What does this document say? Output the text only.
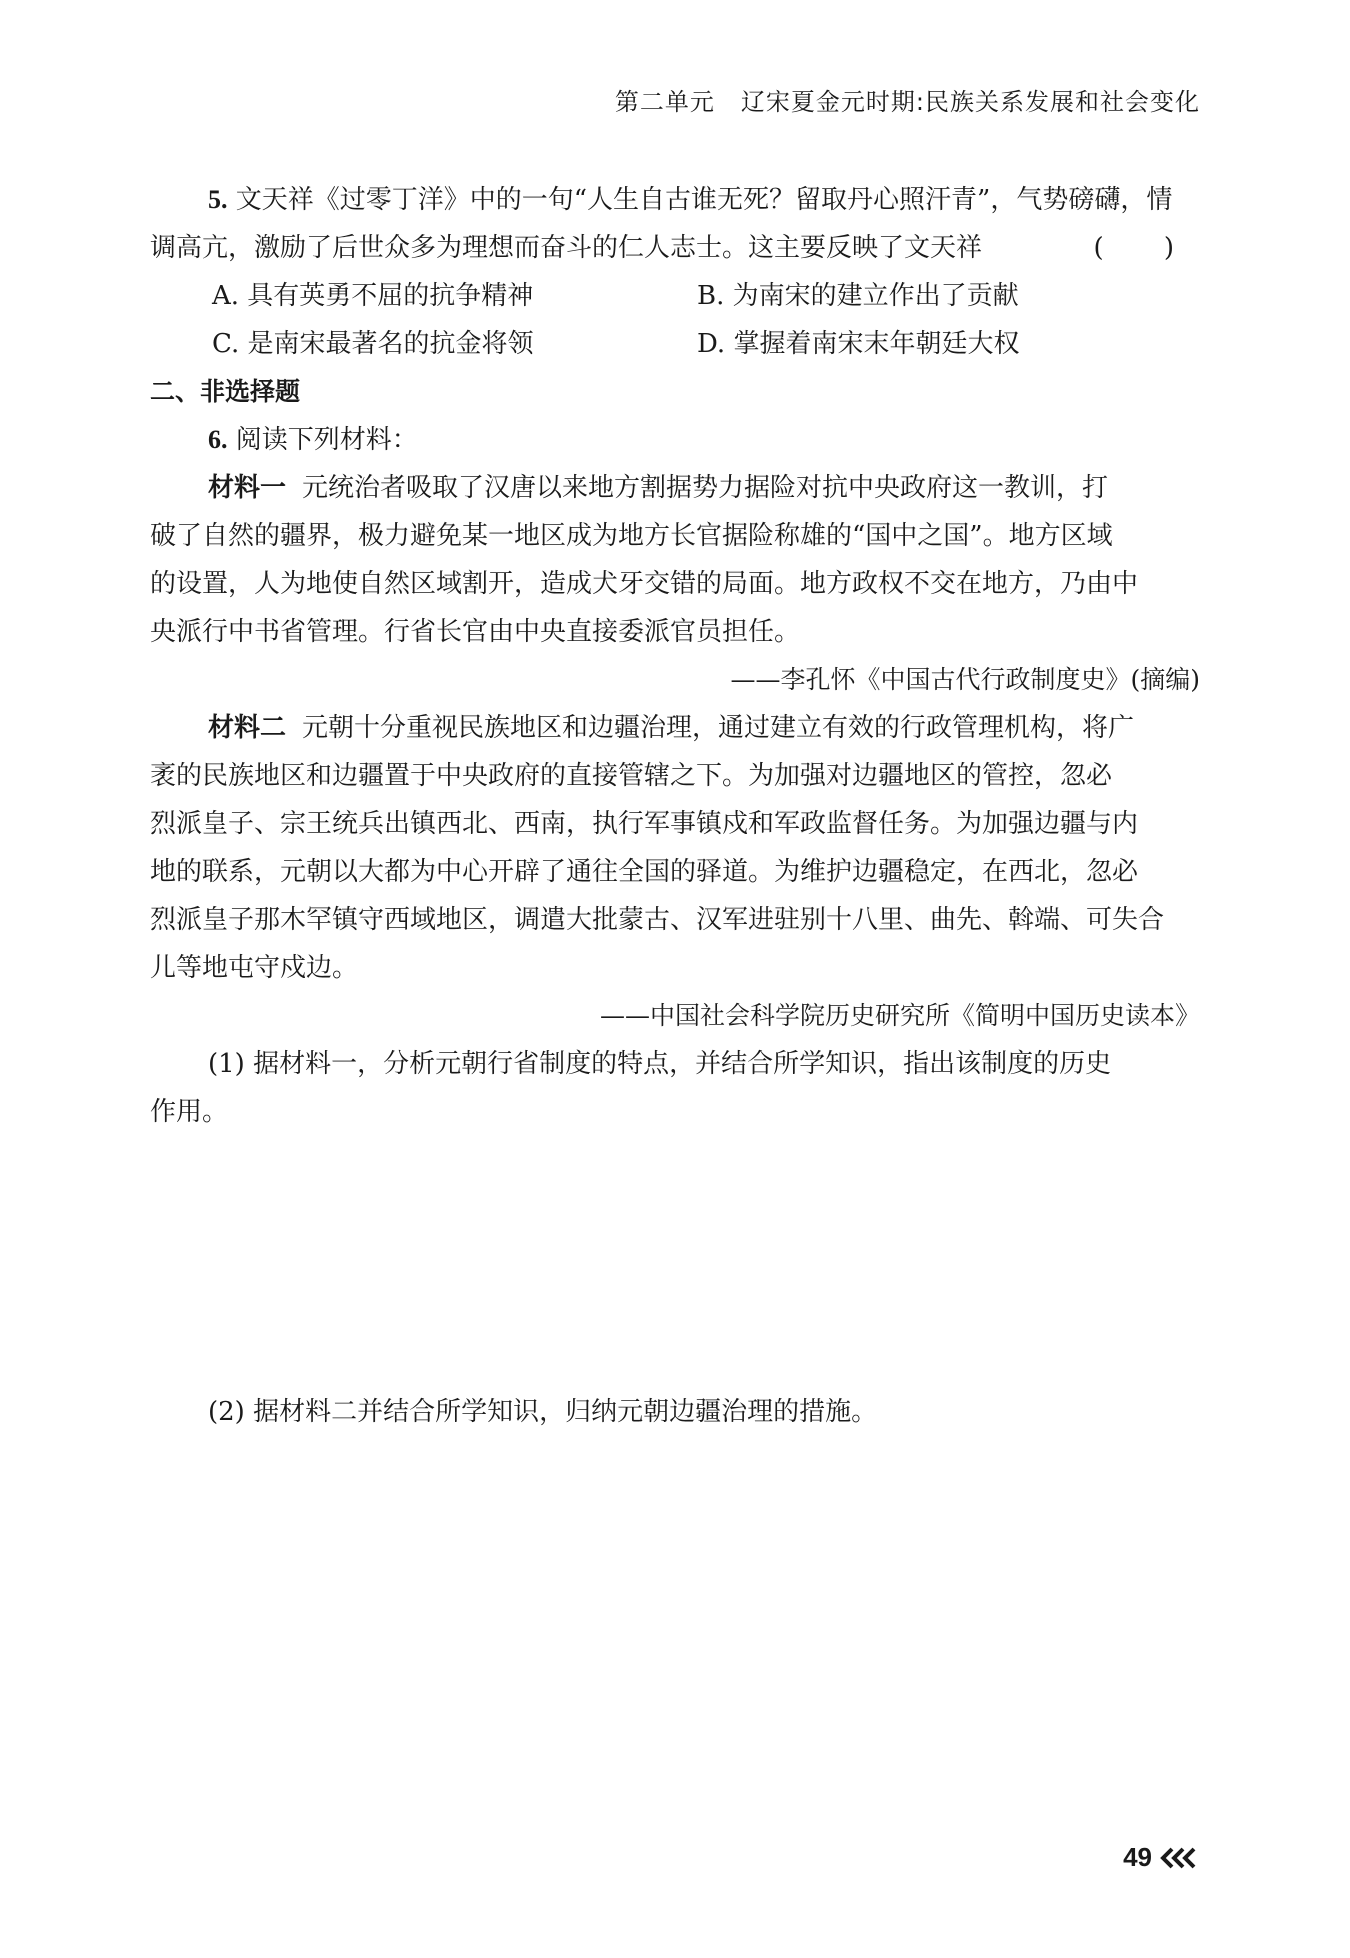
第二单元 辽宋夏金元时期:民族关系发展和社会变化
5. 文天祥《过零丁洋》中的一句“人生自古谁无死？留取丹心照汗青”，气势磅礴，情
调高亢，激励了后世众多为理想而奋斗的仁人志士。这主要反映了文天祥	( )
A. 具有英勇不屈的抗争精神	B. 为南宋的建立作出了贡献
C. 是南宋最著名的抗金将领	D. 掌握着南宋末年朝廷大权
二、非选择题
6. 阅读下列材料：
材料一 元统治者吸取了汉唐以来地方割据势力据险对抗中央政府这一教训，打
破了自然的疆界，极力避免某一地区成为地方长官据险称雄的“国中之国”。地方区域
的设置，人为地使自然区域割开，造成犬牙交错的局面。地方政权不交在地方，乃由中
央派行中书省管理。行省长官由中央直接委派官员担任。
——李孔怀《中国古代行政制度史》(摘编)
材料二 元朝十分重视民族地区和边疆治理，通过建立有效的行政管理机构，将广
袤的民族地区和边疆置于中央政府的直接管辖之下。为加强对边疆地区的管控，忽必
烈派皇子、宗王统兵出镇西北、西南，执行军事镇戍和军政监督任务。为加强边疆与内
地的联系，元朝以大都为中心开辟了通往全国的驿道。为维护边疆稳定，在西北，忽必
烈派皇子那木罕镇守西域地区，调遣大批蒙古、汉军进驻别十八里、曲先、斡端、可失合
儿等地屯守戍边。
——中国社会科学院历史研究所《简明中国历史读本》
(1) 据材料一，分析元朝行省制度的特点，并结合所学知识，指出该制度的历史
作用。
(2) 据材料二并结合所学知识，归纳元朝边疆治理的措施。
49
